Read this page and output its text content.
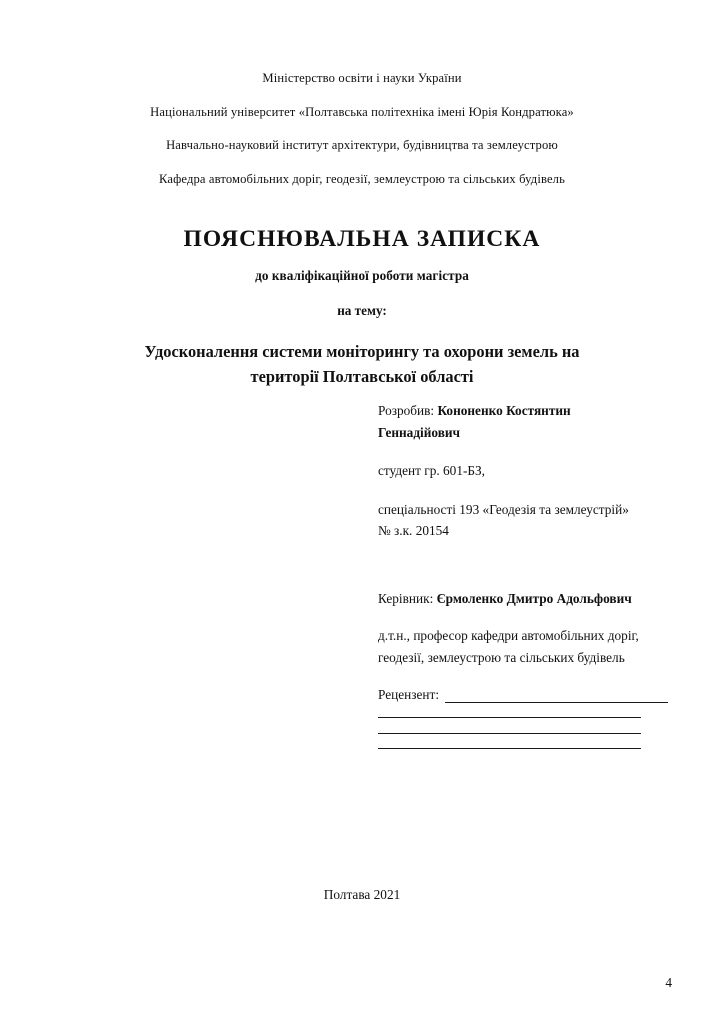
Міністерство освіти і науки України
Національний університет «Полтавська політехніка імені Юрія Кондратюка»
Навчально-науковий інститут архітектури, будівництва та землеустрою
Кафедра автомобільних доріг, геодезії, землеустрою та сільських будівель
ПОЯСНЮВАЛЬНА ЗАПИСКА
до кваліфікаційної роботи магістра
на тему:
Удосконалення системи моніторингу та охорони земель на
території Полтавської області

Розробив: Кононенко Костянтин

Геннадійович

студент гр. 601-БЗ,

спеціальності 193 «Геодезія та землеустрій»

№ з.к. 20154

Керівник: Єрмоленко Дмитро Адольфович

д.т.н., професор кафедри автомобільних доріг,

геодезії, землеустрою та сільських будівель

Рецензент:
Полтава 2021
4
